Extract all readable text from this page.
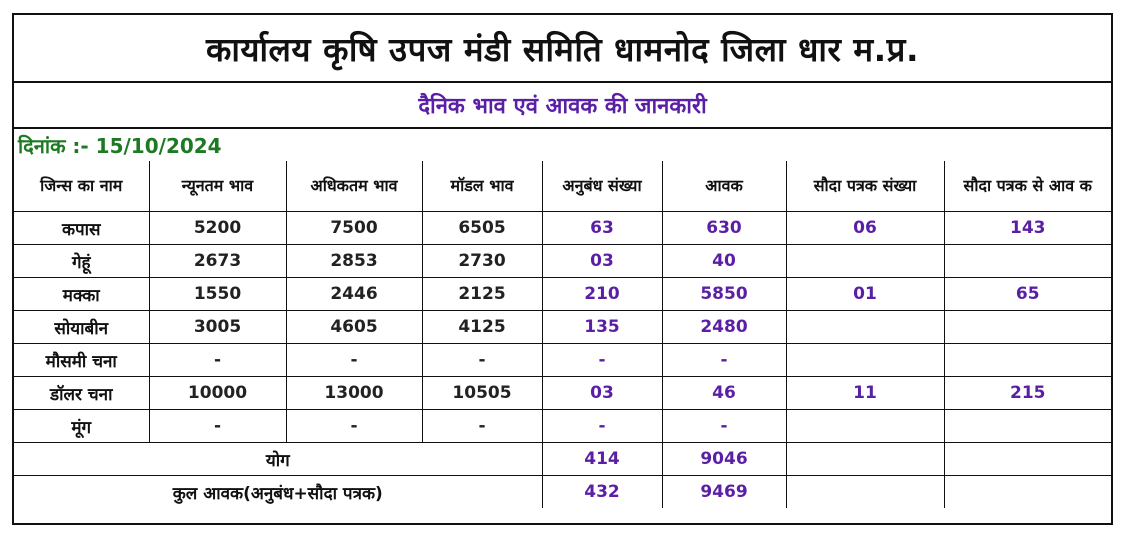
कार्यालय कृषि उपज मंडी समिति धामनोद जिला धार म.प्र.
दैनिक भाव एवं आवक की जानकारी
दिनांक :- 15/10/2024
जिन्स का नाम	न्यूनतम भाव	अधिकतम भाव	मॉडल भाव	अनुबंध संख्या	आवक	सौदा पत्रक संख्या	सौदा पत्रक से आव क
कपास	5200	7500	6505	63	630	06	143
गेहूं	2673	2853	2730	03	40		
मक्का	1550	2446	2125	210	5850	01	65
सोयाबीन	3005	4605	4125	135	2480		
मौसमी चना	-	-	-	-	-		
डॉलर चना	10000	13000	10505	03	46	11	215
मूंग	-	-	-	-	-		
योग				414	9046		
कुल आवक(अनुबंध+सौदा पत्रक)				432	9469		
